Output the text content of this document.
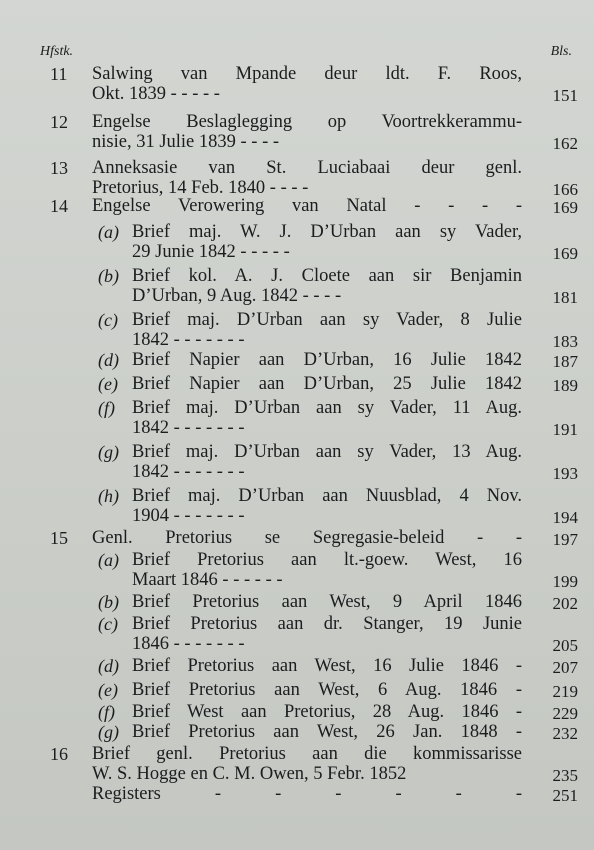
Hfstk.	Bls.
11	Salwing van Mpande deur ldt. F. Roos,
Okt. 1839 - - - - -	151
12	Engelse Beslaglegging op Voortrekkerammu-
nisie, 31 Julie 1839 - - - -	162
13	Anneksasie van St. Luciabaai deur genl.
Pretorius, 14 Feb. 1840 - - - -	166
14	Engelse Verowering van Natal - - - -	169
(a) Brief maj. W. J. D’Urban aan sy Vader,
29 Junie 1842 - - - - -	169
(b) Brief kol. A. J. Cloete aan sir Benjamin
D’Urban, 9 Aug. 1842 - - - -	181
(c) Brief maj. D’Urban aan sy Vader, 8 Julie
1842 - - - - - - -	183
(d) Brief Napier aan D’Urban, 16 Julie 1842	187
(e) Brief Napier aan D’Urban, 25 Julie 1842	189
(f) Brief maj. D’Urban aan sy Vader, 11 Aug.
1842 - - - - - - -	191
(g) Brief maj. D’Urban aan sy Vader, 13 Aug.
1842 - - - - - - -	193
(h) Brief maj. D’Urban aan Nuusblad, 4 Nov.
1904 - - - - - - -	194
15	Genl. Pretorius se Segregasie-beleid - -	197
(a) Brief Pretorius aan lt.-goew. West, 16
Maart 1846 - - - - - -	199
(b) Brief Pretorius aan West, 9 April 1846	202
(c) Brief Pretorius aan dr. Stanger, 19 Junie
1846 - - - - - - -	205
(d) Brief Pretorius aan West, 16 Julie 1846 -	207
(e) Brief Pretorius aan West, 6 Aug. 1846 -	219
(f) Brief West aan Pretorius, 28 Aug. 1846 -	229
(g) Brief Pretorius aan West, 26 Jan. 1848 -	232
16	Brief genl. Pretorius aan die kommissarisse
W. S. Hogge en C. M. Owen, 5 Febr. 1852	235
Registers - - - - - -	251
